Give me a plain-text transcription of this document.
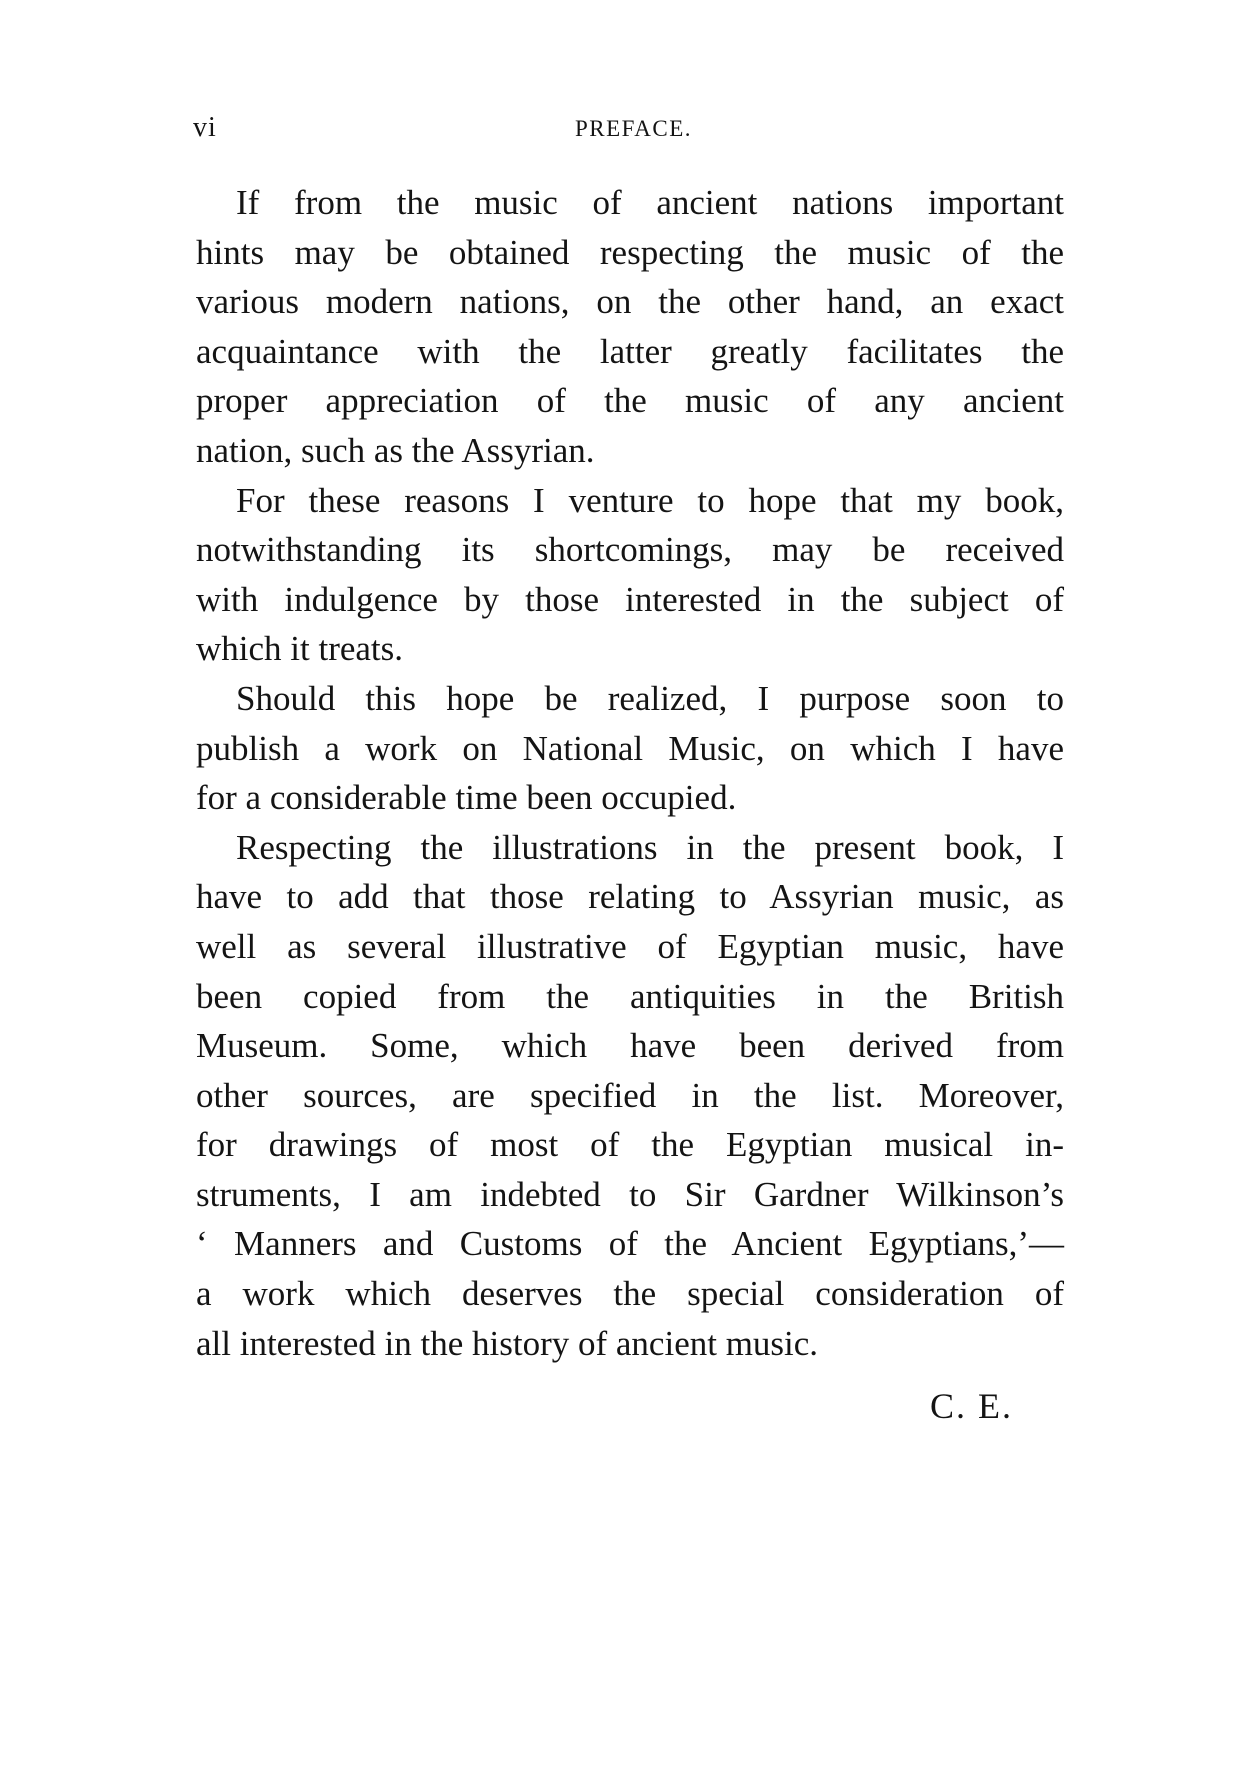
vi	PREFACE.
If from the music of ancient nations important
hints may be obtained respecting the music of the
various modern nations, on the other hand, an exact
acquaintance with the latter greatly facilitates the
proper appreciation of the music of any ancient
nation, such as the Assyrian.
For these reasons I venture to hope that my book,
notwithstanding its shortcomings, may be received
with indulgence by those interested in the subject of
which it treats.
Should this hope be realized, I purpose soon to
publish a work on National Music, on which I have
for a considerable time been occupied.
Respecting the illustrations in the present book, I
have to add that those relating to Assyrian music, as
well as several illustrative of Egyptian music, have
been copied from the antiquities in the British
Museum. Some, which have been derived from
other sources, are specified in the list. Moreover,
for drawings of most of the Egyptian musical in-
struments, I am indebted to Sir Gardner Wilkinson’s
‘ Manners and Customs of the Ancient Egyptians,’—
a work which deserves the special consideration of
all interested in the history of ancient music.
C. E.
